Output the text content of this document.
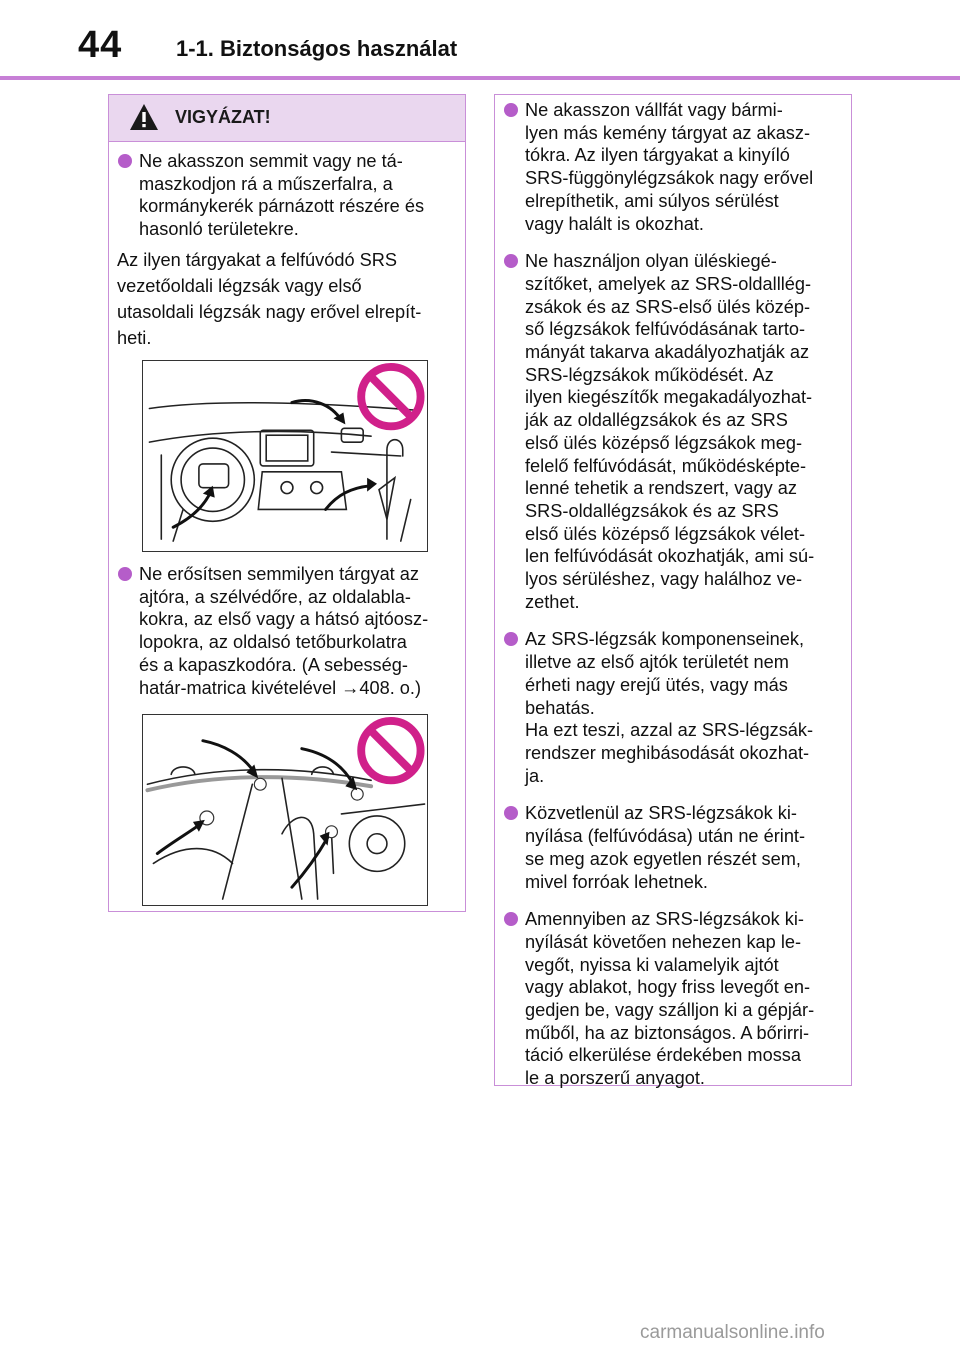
44 1-1. Biztonságos használat
VIGYÁZAT!
Ne akasszon semmit vagy ne tá-
maszkodjon rá a műszerfalra, a
kormánykerék párnázott részére és
hasonló területekre.
Az ilyen tárgyakat a felfúvódó SRS
vezetőoldali légzsák vagy első
utasoldali légzsák nagy erővel elrepít-
heti.
Ne erősítsen semmilyen tárgyat az
ajtóra, a szélvédőre, az oldalabla-
kokra, az első vagy a hátsó ajtóosz-
lopokra, az oldalsó tetőburkolatra
és a kapaszkodóra. (A sebesség-
határ-matrica kivételével →408. o.)
Ne akasszon vállfát vagy bármi-
lyen más kemény tárgyat az akasz-
tókra. Az ilyen tárgyakat a kinyíló
SRS-függönylégzsákok nagy erővel
elrepíthetik, ami súlyos sérülést
vagy halált is okozhat.
Ne használjon olyan üléskiegé-
szítőket, amelyek az SRS-oldalllég-
zsákok és az SRS-első ülés közép-
ső légzsákok felfúvódásának tarto-
mányát takarva akadályozhatják az
SRS-légzsákok működését. Az
ilyen kiegészítők megakadályozhat-
ják az oldallégzsákok és az SRS
első ülés középső légzsákok meg-
felelő felfúvódását, működésképte-
lenné tehetik a rendszert, vagy az
SRS-oldallégzsákok és az SRS
első ülés középső légzsákok vélet-
len felfúvódását okozhatják, ami sú-
lyos sérüléshez, vagy halálhoz ve-
zethet.
Az SRS-légzsák komponenseinek,
illetve az első ajtók területét nem
érheti nagy erejű ütés, vagy más
behatás.
Ha ezt teszi, azzal az SRS-légzsák-
rendszer meghibásodását okozhat-
ja.
Közvetlenül az SRS-légzsákok ki-
nyílása (felfúvódása) után ne érint-
se meg azok egyetlen részét sem,
mivel forróak lehetnek.
Amennyiben az SRS-légzsákok ki-
nyílását követően nehezen kap le-
vegőt, nyissa ki valamelyik ajtót
vagy ablakot, hogy friss levegőt en-
gedjen be, vagy szálljon ki a gépjár-
műből, ha az biztonságos. A bőrirri-
táció elkerülése érdekében mossa
le a porszerű anyagot.
carmanualsonline.info
